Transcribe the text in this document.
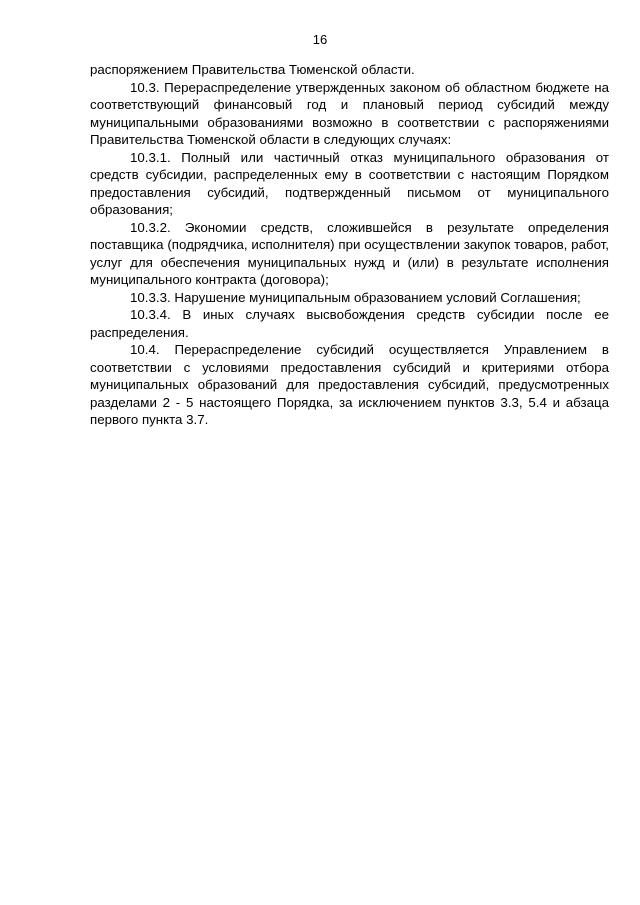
16

распоряжением Правительства Тюменской области.

10.3. Перераспределение утвержденных законом об областном бюджете на соответствующий финансовый год и плановый период субсидий между муниципальными образованиями возможно в соответствии с распоряжениями Правительства Тюменской области в следующих случаях:

10.3.1. Полный или частичный отказ муниципального образования от средств субсидии, распределенных ему в соответствии с настоящим Порядком предоставления субсидий, подтвержденный письмом от муниципального образования;

10.3.2. Экономии средств, сложившейся в результате определения поставщика (подрядчика, исполнителя) при осуществлении закупок товаров, работ, услуг для обеспечения муниципальных нужд и (или) в результате исполнения муниципального контракта (договора);

10.3.3. Нарушение муниципальным образованием условий Соглашения;

10.3.4. В иных случаях высвобождения средств субсидии после ее распределения.

10.4. Перераспределение субсидий осуществляется Управлением в соответствии с условиями предоставления субсидий и критериями отбора муниципальных образований для предоставления субсидий, предусмотренных разделами 2 - 5 настоящего Порядка, за исключением пунктов 3.3, 5.4 и абзаца первого пункта 3.7.
